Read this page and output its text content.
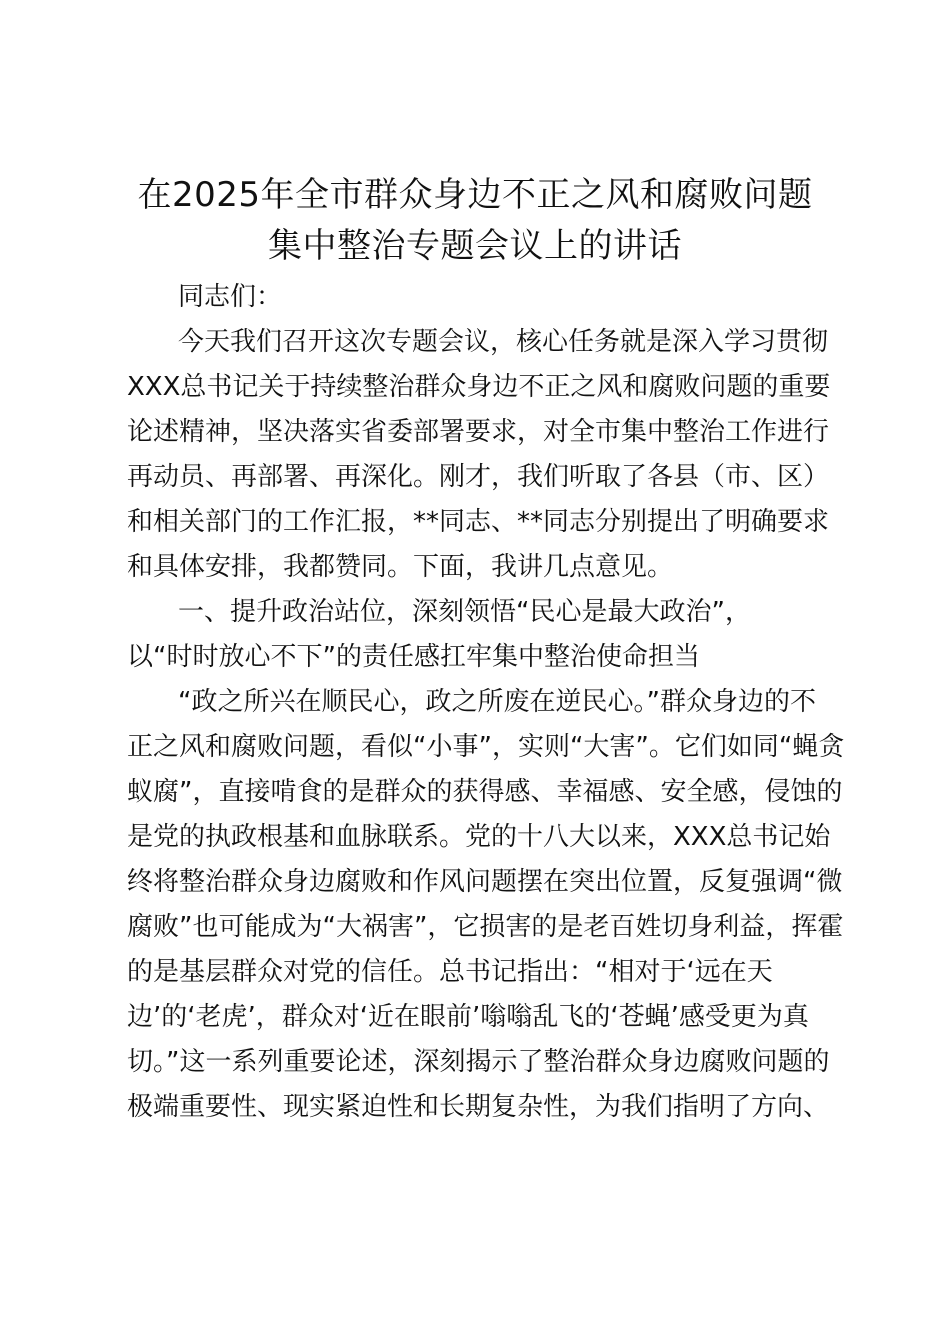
在2025年全市群众身边不正之风和腐败问题
集中整治专题会议上的讲话
同志们：
今天我们召开这次专题会议，核心任务就是深入学习贯彻
XXX总书记关于持续整治群众身边不正之风和腐败问题的重要
论述精神，坚决落实省委部署要求，对全市集中整治工作进行
再动员、再部署、再深化。刚才，我们听取了各县（市、区）
和相关部门的工作汇报，**同志、**同志分别提出了明确要求
和具体安排，我都赞同。下面，我讲几点意见。
一、提升政治站位，深刻领悟“民心是最大政治”，
以“时时放心不下”的责任感扛牢集中整治使命担当
“政之所兴在顺民心，政之所废在逆民心。”群众身边的不
正之风和腐败问题，看似“小事”，实则“大害”。它们如同“蝇贪
蚁腐”，直接啃食的是群众的获得感、幸福感、安全感，侵蚀的
是党的执政根基和血脉联系。党的十八大以来，XXX总书记始
终将整治群众身边腐败和作风问题摆在突出位置，反复强调“微
腐败”也可能成为“大祸害”，它损害的是老百姓切身利益，挥霍
的是基层群众对党的信任。总书记指出：“相对于‘远在天
边’的‘老虎’，群众对‘近在眼前’嗡嗡乱飞的‘苍蝇’感受更为真
切。”这一系列重要论述，深刻揭示了整治群众身边腐败问题的
极端重要性、现实紧迫性和长期复杂性，为我们指明了方向、
